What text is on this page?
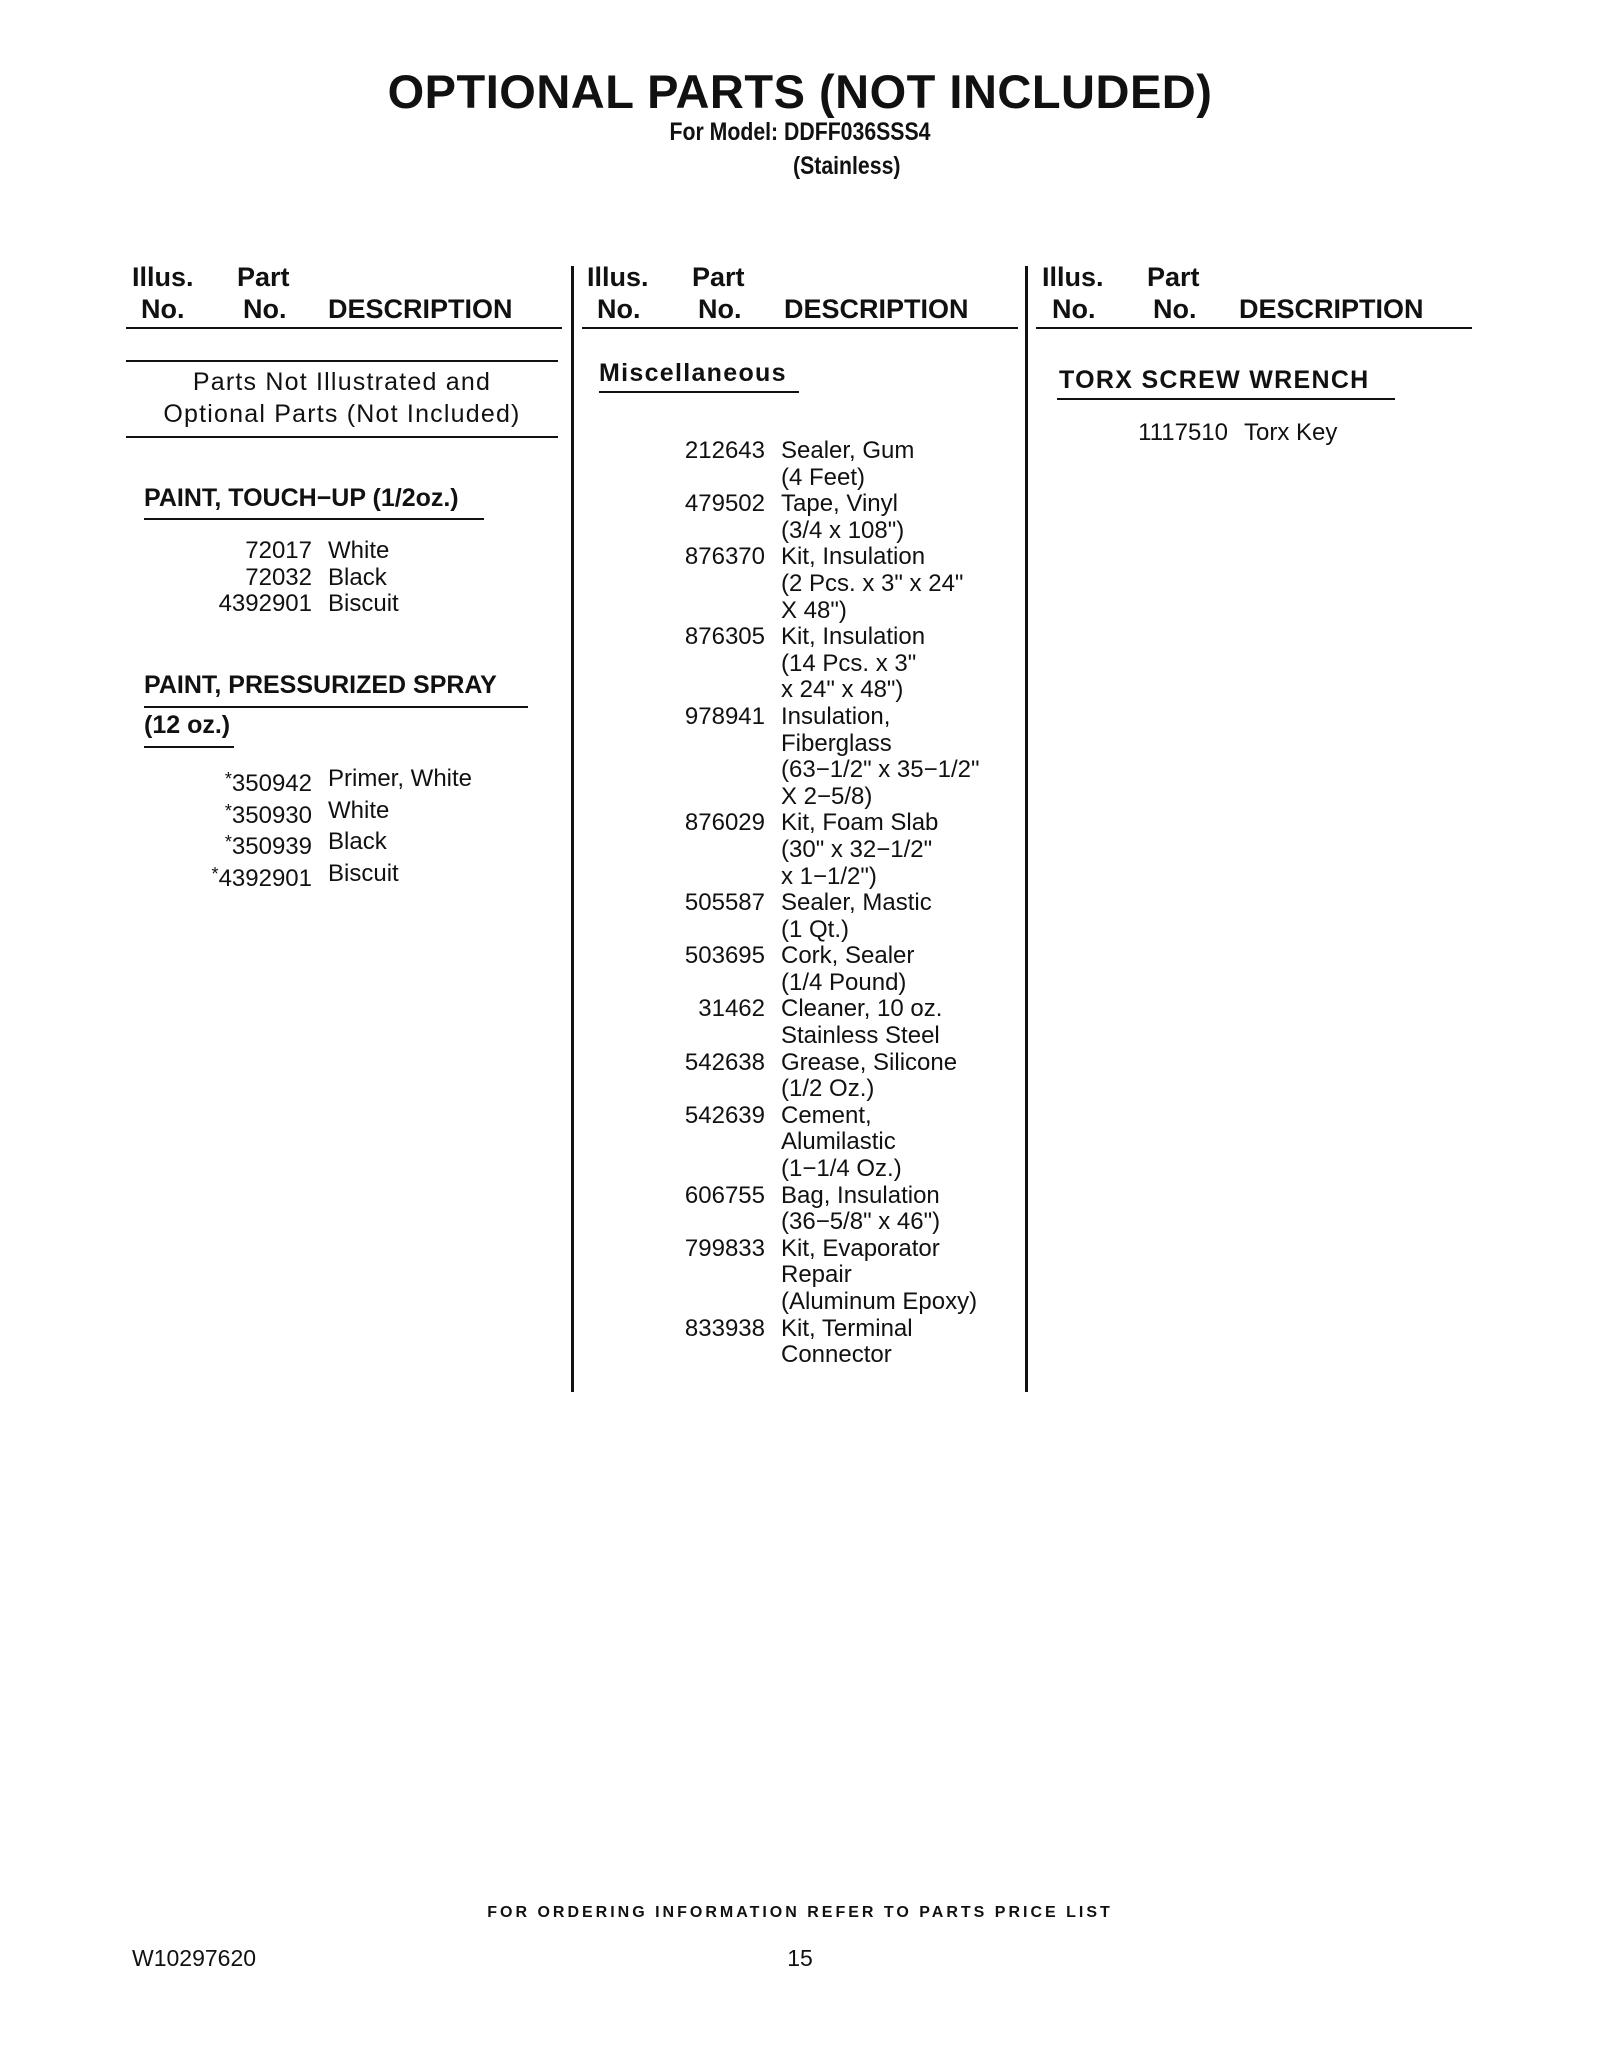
OPTIONAL PARTS (NOT INCLUDED)
For Model: DDFF036SSS4
(Stainless)
Illus.
No.
Part
No. DESCRIPTION
Illus.
No.
Part
No. DESCRIPTION
Illus.
No.
Part
No. DESCRIPTION
Parts Not Illustrated and
Optional Parts (Not Included)
PAINT, TOUCH−UP (1/2oz.)
72017 White
72032 Black
4392901 Biscuit
PAINT, PRESSURIZED SPRAY
(12 oz.)
*350942 Primer, White
*350930 White
*350939 Black
*4392901 Biscuit
Miscellaneous
212643 Sealer, Gum
(4 Feet)
479502 Tape, Vinyl
(3/4 x 108")
876370 Kit, Insulation
(2 Pcs. x 3" x 24"
X 48")
876305 Kit, Insulation
(14 Pcs. x 3"
x 24" x 48")
978941 Insulation,
Fiberglass
(63−1/2" x 35−1/2"
X 2−5/8)
876029 Kit, Foam Slab
(30" x 32−1/2"
x 1−1/2")
505587 Sealer, Mastic
(1 Qt.)
503695 Cork, Sealer
(1/4 Pound)
31462 Cleaner, 10 oz.
Stainless Steel
542638 Grease, Silicone
(1/2 Oz.)
542639 Cement,
Alumilastic
(1−1/4 Oz.)
606755 Bag, Insulation
(36−5/8" x 46")
799833 Kit, Evaporator
Repair
(Aluminum Epoxy)
833938 Kit, Terminal
Connector
TORX SCREW WRENCH
1117510 Torx Key
FOR ORDERING INFORMATION REFER TO PARTS PRICE LIST
W10297620	15
